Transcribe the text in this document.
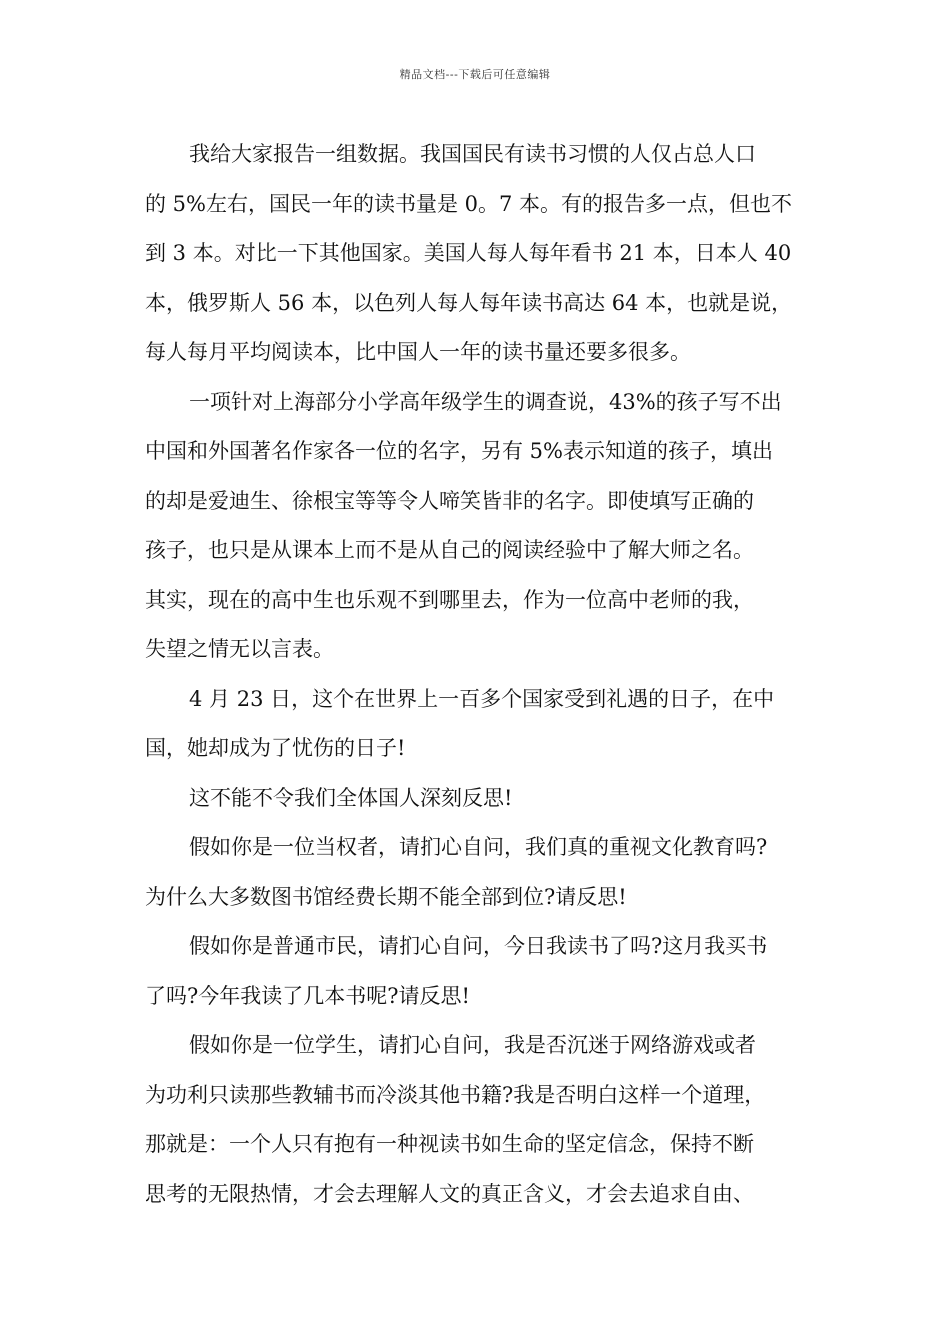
精品文档---下载后可任意编辑
我给大家报告一组数据。我国国民有读书习惯的人仅占总人口
的 5%左右，国民一年的读书量是 0。7 本。有的报告多一点，但也不
到 3 本。对比一下其他国家。美国人每人每年看书 21 本，日本人 40
本，俄罗斯人 56 本，以色列人每人每年读书高达 64 本，也就是说，
每人每月平均阅读本，比中国人一年的读书量还要多很多。
一项针对上海部分小学高年级学生的调查说，43%的孩子写不出
中国和外国著名作家各一位的名字，另有 5%表示知道的孩子，填出
的却是爱迪生、徐根宝等等令人啼笑皆非的名字。即使填写正确的
孩子，也只是从课本上而不是从自己的阅读经验中了解大师之名。
其实，现在的高中生也乐观不到哪里去，作为一位高中老师的我，
失望之情无以言表。
4 月 23 日，这个在世界上一百多个国家受到礼遇的日子，在中
国，她却成为了忧伤的日子!
这不能不令我们全体国人深刻反思!
假如你是一位当权者，请扪心自问，我们真的重视文化教育吗?
为什么大多数图书馆经费长期不能全部到位?请反思!
假如你是普通市民，请扪心自问，今日我读书了吗?这月我买书
了吗?今年我读了几本书呢?请反思!
假如你是一位学生，请扪心自问，我是否沉迷于网络游戏或者
为功利只读那些教辅书而冷淡其他书籍?我是否明白这样一个道理，
那就是：一个人只有抱有一种视读书如生命的坚定信念，保持不断
思考的无限热情，才会去理解人文的真正含义，才会去追求自由、
